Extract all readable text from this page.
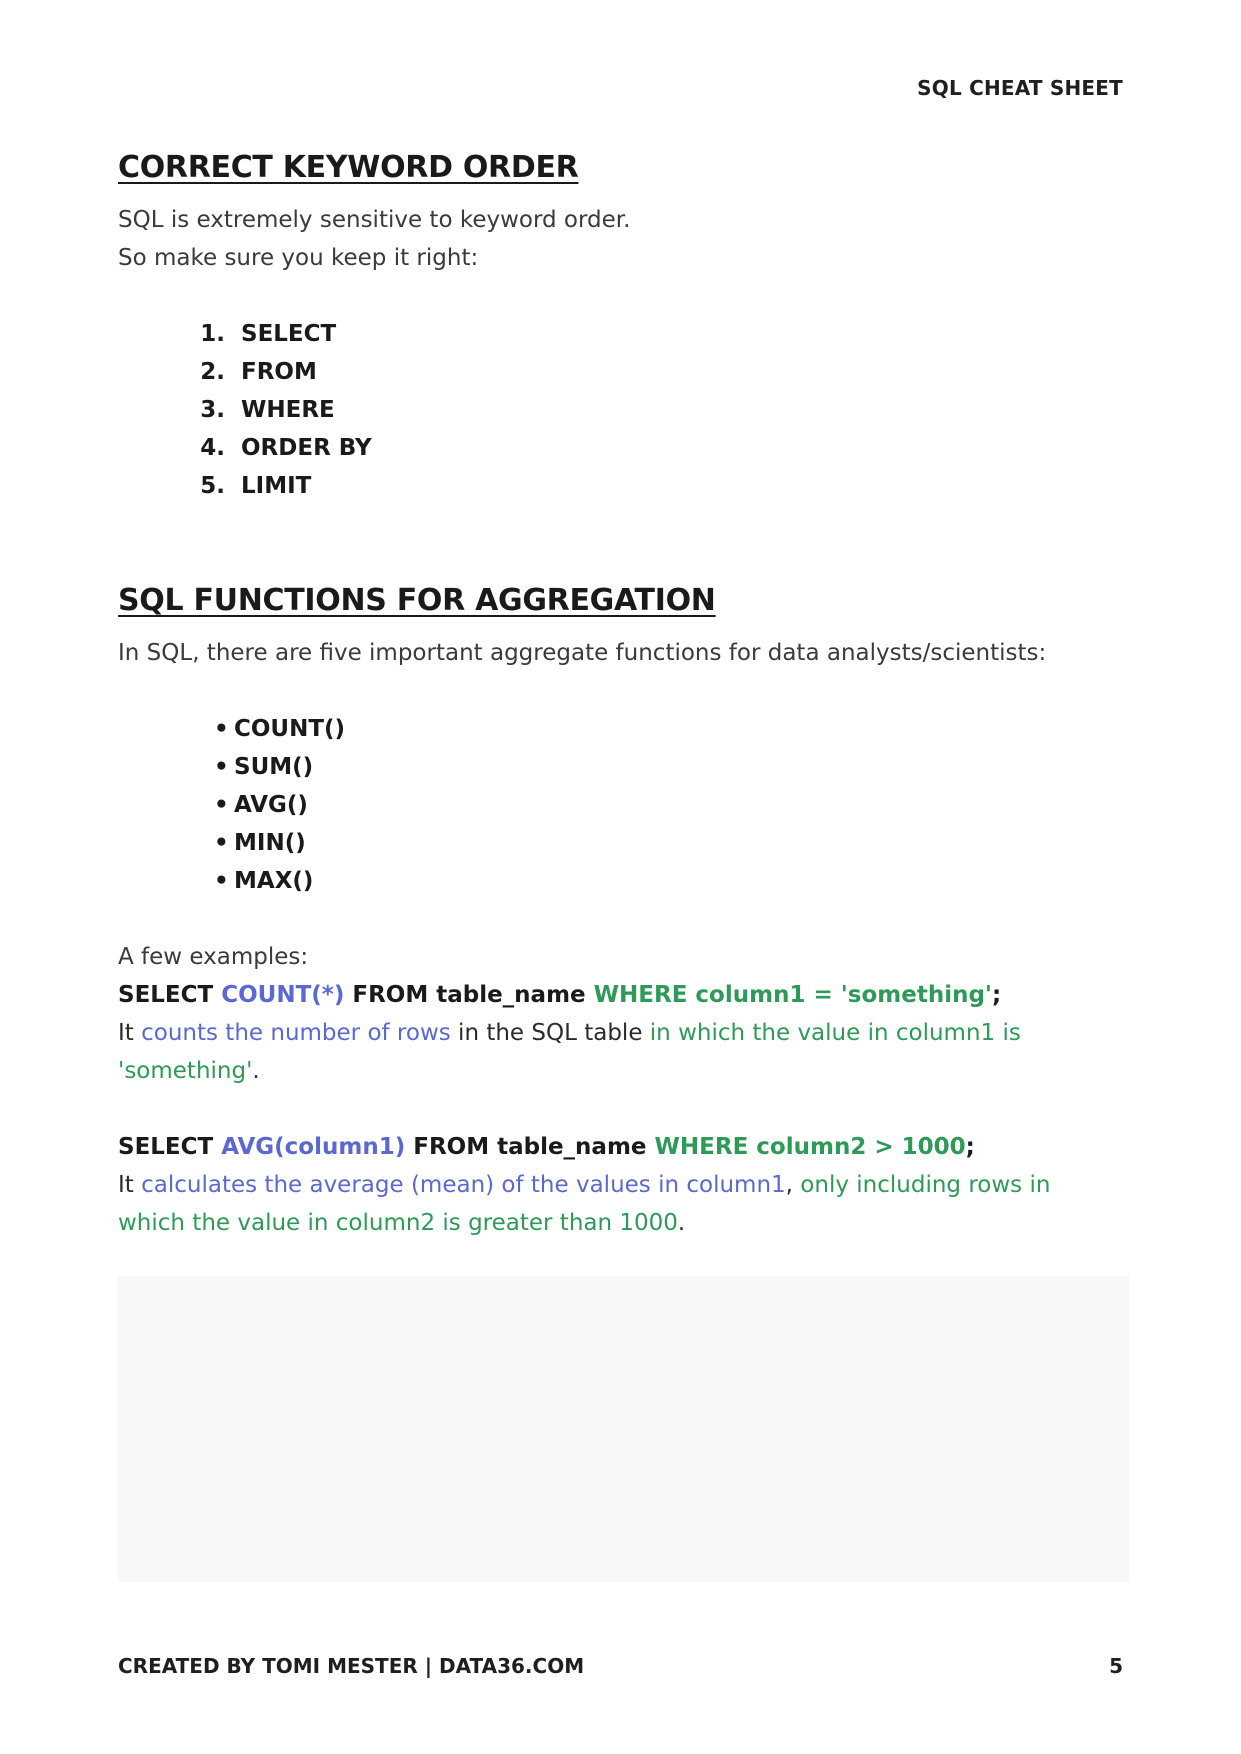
SQL CHEAT SHEET
CORRECT KEYWORD ORDER

SQL is extremely sensitive to keyword order.
So make sure you keep it right:

1. SELECT
2. FROM
3. WHERE
4. ORDER BY
5. LIMIT
SQL FUNCTIONS FOR AGGREGATION

In SQL, there are five important aggregate functions for data analysts/scientists:

• COUNT()
• SUM()
• AVG()
• MIN()
• MAX()

A few examples:

SELECT COUNT(*) FROM table_name WHERE column1 = 'something';

It counts the number of rows in the SQL table in which the value in column1 is 'something'.

SELECT AVG(column1) FROM table_name WHERE column2 > 1000;

It calculates the average (mean) of the values in column1, only including rows in which the value in column2 is greater than 1000.

CREATED BY TOMI MESTER | DATA36.COM	5
